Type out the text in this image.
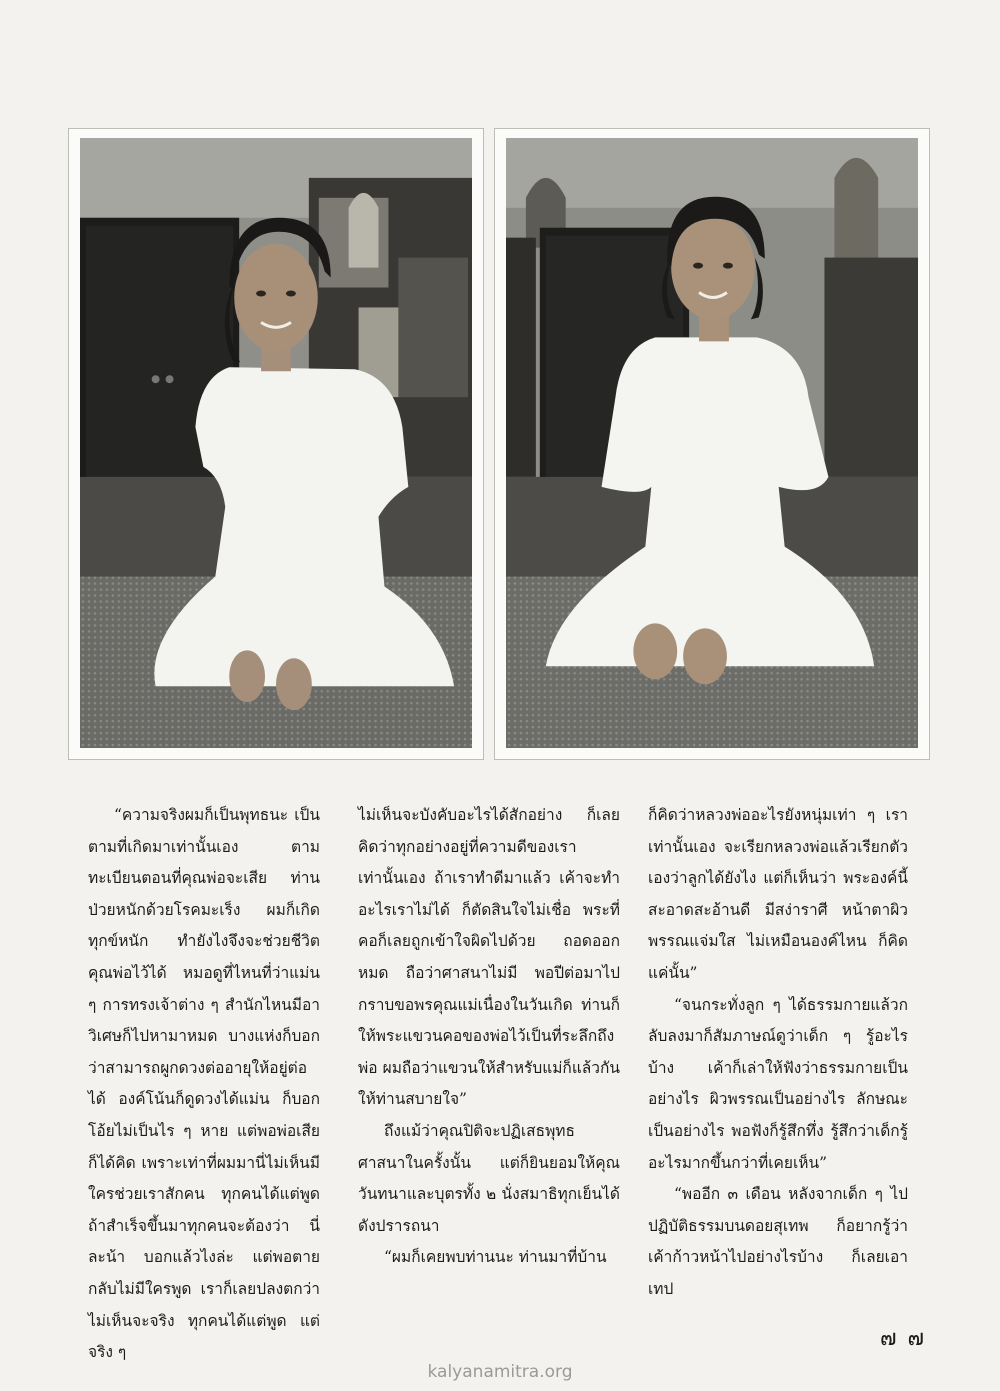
“ความจริงผมก็เป็นพุทธนะ เป็นตามที่เกิดมาเท่านั้นเอง ตามทะเบียนตอนที่คุณพ่อจะเสีย ท่านป่วยหนักด้วยโรคมะเร็ง ผมก็เกิดทุกข์หนัก ทำยังไงจึงจะช่วยชีวิตคุณพ่อไว้ได้ หมอดูที่ไหนที่ว่าแม่น ๆ การทรงเจ้าต่าง ๆ สำนักไหนมีอาวิเศษก็ไปหามาหมด บางแห่งก็บอกว่าสามารถผูกดวงต่ออายุให้อยู่ต่อได้ องค์โน้นก็ดูดวงได้แม่น ก็บอกโอ้ยไม่เป็นไร ๆ หาย แต่พอพ่อเสียก็ได้คิด เพราะเท่าที่ผมมานี่ไม่เห็นมีใครช่วยเราสักคน ทุกคนได้แต่พูด ถ้าสำเร็จขึ้นมาทุกคนจะต้องว่า นี่ละน้า บอกแล้วไงล่ะ แต่พอตายกลับไม่มีใครพูด เราก็เลยปลงตกว่าไม่เห็นจะจริง ทุกคนได้แต่พูด แต่จริง ๆ

ไม่เห็นจะบังคับอะไรได้สักอย่าง ก็เลยคิดว่าทุกอย่างอยู่ที่ความดีของเราเท่านั้นเอง ถ้าเราทำดีมาแล้ว เค้าจะทำอะไรเราไม่ได้ ก็ตัดสินใจไม่เชื่อ พระที่คอก็เลยถูกเข้าใจผิดไปด้วย ถอดออกหมด ถือว่าศาสนาไม่มี พอปีต่อมาไปกราบขอพรคุณแม่เนื่องในวันเกิด ท่านก็ให้พระแขวนคอของพ่อไว้เป็นที่ระลึกถึงพ่อ ผมถือว่าแขวนให้สำหรับแม่ก็แล้วกัน ให้ท่านสบายใจ”

ถึงแม้ว่าคุณปิติจะปฏิเสธพุทธศาสนาในครั้งนั้น แต่ก็ยินยอมให้คุณวันทนาและบุตรทั้ง ๒ นั่งสมาธิทุกเย็นได้ดังปรารถนา

“ผมก็เคยพบท่านนะ ท่านมาที่บ้าน

ก็คิดว่าหลวงพ่ออะไรยังหนุ่มเท่า ๆ เราเท่านั้นเอง จะเรียกหลวงพ่อแล้วเรียกตัวเองว่าลูกได้ยังไง แต่ก็เห็นว่า พระองค์นี้สะอาดสะอ้านดี มีสง่าราศี หน้าตาผิวพรรณแจ่มใส ไม่เหมือนองค์ไหน ก็คิดแค่นั้น”

“จนกระทั่งลูก ๆ ได้ธรรมกายแล้วกลับลงมาก็สัมภาษณ์ดูว่าเด็ก ๆ รู้อะไรบ้าง เค้าก็เล่าให้ฟังว่าธรรมกายเป็นอย่างไร ผิวพรรณเป็นอย่างไร ลักษณะเป็นอย่างไร พอฟังก็รู้สึกทึ่ง รู้สึกว่าเด็กรู้อะไรมากขึ้นกว่าที่เคยเห็น”

“พออีก ๓ เดือน หลังจากเด็ก ๆ ไปปฏิบัติธรรมบนดอยสุเทพ ก็อยากรู้ว่าเค้าก้าวหน้าไปอย่างไรบ้าง ก็เลยเอาเทป

๗ ๗
kalyanamitra.org
